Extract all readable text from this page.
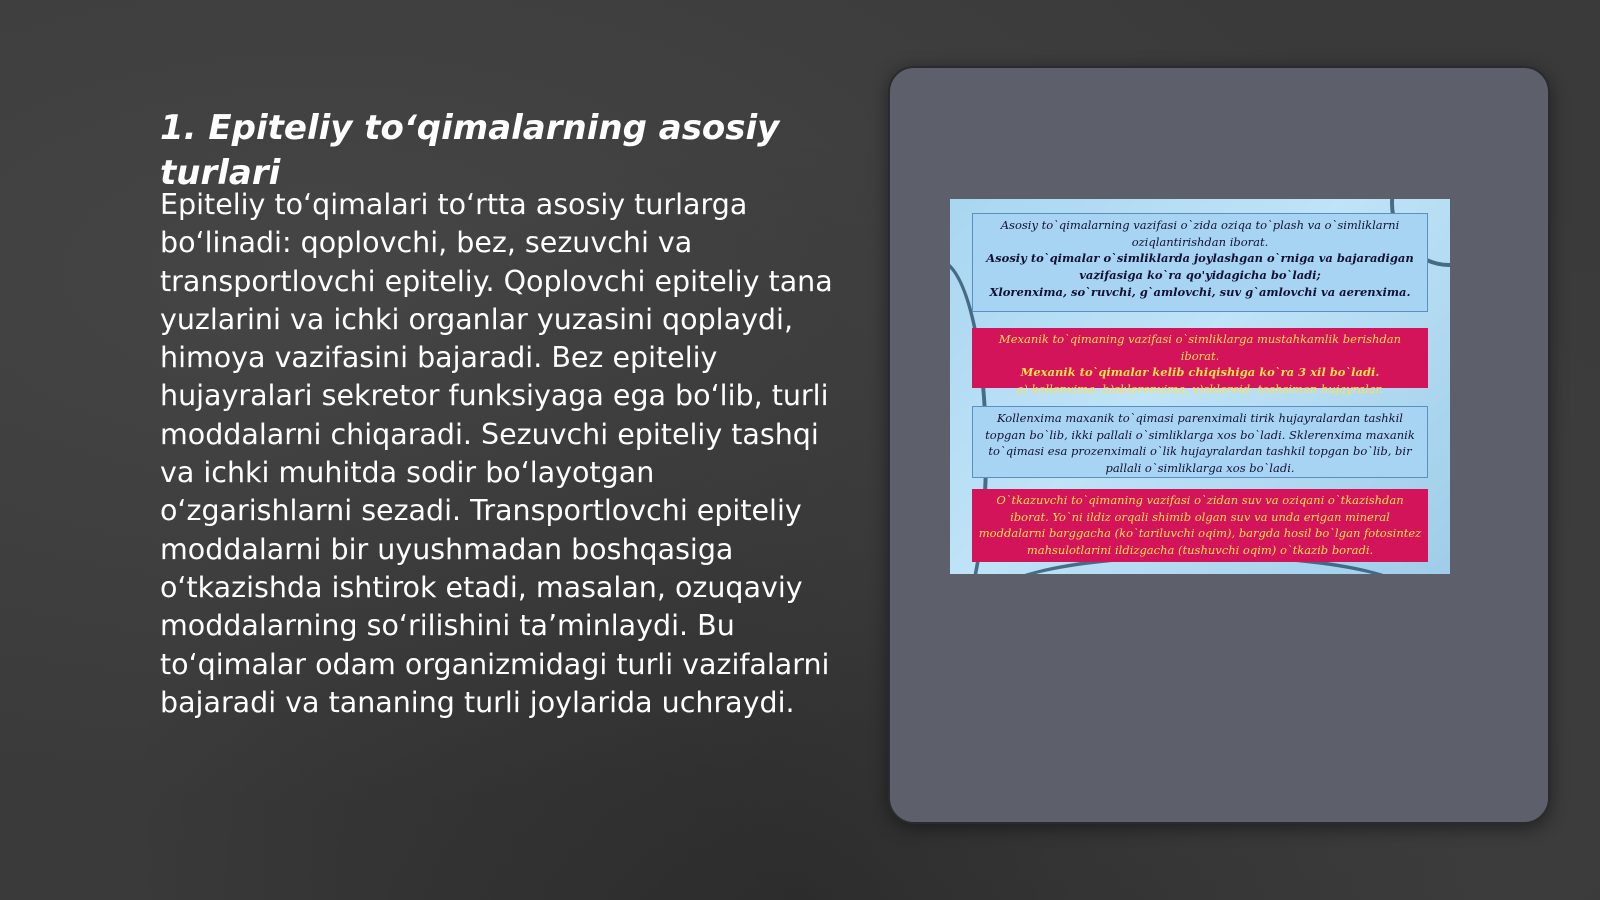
1. Epiteliy to‘qimalarning asosiy turlari

Epiteliy to‘qimalari to‘rtta asosiy turlarga bo‘linadi: qoplovchi, bez, sezuvchi va transportlovchi epiteliy. Qoplovchi epiteliy tana yuzlarini va ichki organlar yuzasini qoplaydi, himoya vazifasini bajaradi. Bez epiteliy hujayralari sekretor funksiyaga ega bo‘lib, turli moddalarni chiqaradi. Sezuvchi epiteliy tashqi va ichki muhitda sodir bo‘layotgan o‘zgarishlarni sezadi. Transportlovchi epiteliy moddalarni bir uyushmadan boshqasiga o‘tkazishda ishtirok etadi, masalan, ozuqaviy moddalarning so‘rilishini ta’minlaydi. Bu to‘qimalar odam organizmidagi turli vazifalarni bajaradi va tananing turli joylarida uchraydi.

Asosiy to`qimalarning vazifasi o`zida oziqa to`plash va o`simliklarni oziqlantirishdan iborat.
Asosiy to`qimalar o`simliklarda joylashgan o`rniga va bajaradigan vazifasiga ko`ra qo'yidagicha bo`ladi;
Xlorenxima, so`ruvchi, g`amlovchi, suv g`amlovchi va aerenxima.
Mexanik to`qimaning vazifasi o`simliklarga mustahkamlik berishdan iborat.
Mexanik to`qimalar kelib chiqishiga ko`ra 3 xil bo`ladi.
a) kollenxima, b)sklerenxima, v)sklereid- toshsimon hujayralar.
Kollenxima maxanik to`qimasi parenximali tirik hujayralardan tashkil topgan bo`lib, ikki pallali o`simliklarga xos bo`ladi. Sklerenxima maxanik to`qimasi esa prozenximali o`lik hujayralardan tashkil topgan bo`lib, bir pallali o`simliklarga xos bo`ladi.
O`tkazuvchi to`qimaning vazifasi o`zidan suv va oziqani o`tkazishdan iborat. Yo`ni ildiz orqali shimib olgan suv va unda erigan mineral moddalarni barggacha (ko`tariluvchi oqim), bargda hosil bo`lgan fotosintez mahsulotlarini ildizgacha (tushuvchi oqim) o`tkazib boradi.
